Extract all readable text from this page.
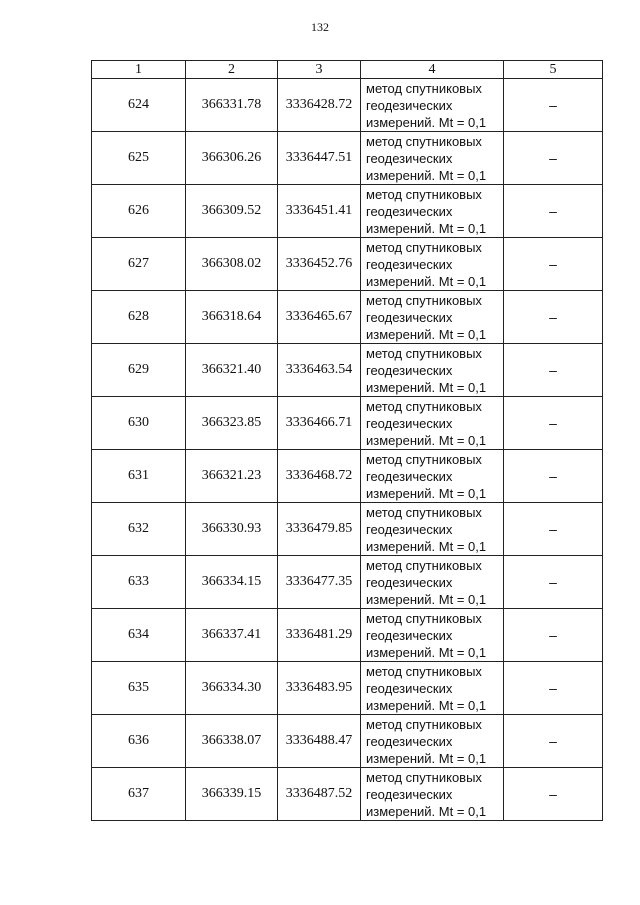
132
1	2	3	4	5
624	366331.78	3336428.72	метод спутниковых
геодезических
измерений. Mt = 0,1	–
625	366306.26	3336447.51	метод спутниковых
геодезических
измерений. Mt = 0,1	–
626	366309.52	3336451.41	метод спутниковых
геодезических
измерений. Mt = 0,1	–
627	366308.02	3336452.76	метод спутниковых
геодезических
измерений. Mt = 0,1	–
628	366318.64	3336465.67	метод спутниковых
геодезических
измерений. Mt = 0,1	–
629	366321.40	3336463.54	метод спутниковых
геодезических
измерений. Mt = 0,1	–
630	366323.85	3336466.71	метод спутниковых
геодезических
измерений. Mt = 0,1	–
631	366321.23	3336468.72	метод спутниковых
геодезических
измерений. Mt = 0,1	–
632	366330.93	3336479.85	метод спутниковых
геодезических
измерений. Mt = 0,1	–
633	366334.15	3336477.35	метод спутниковых
геодезических
измерений. Mt = 0,1	–
634	366337.41	3336481.29	метод спутниковых
геодезических
измерений. Mt = 0,1	–
635	366334.30	3336483.95	метод спутниковых
геодезических
измерений. Mt = 0,1	–
636	366338.07	3336488.47	метод спутниковых
геодезических
измерений. Mt = 0,1	–
637	366339.15	3336487.52	метод спутниковых
геодезических
измерений. Mt = 0,1	–
